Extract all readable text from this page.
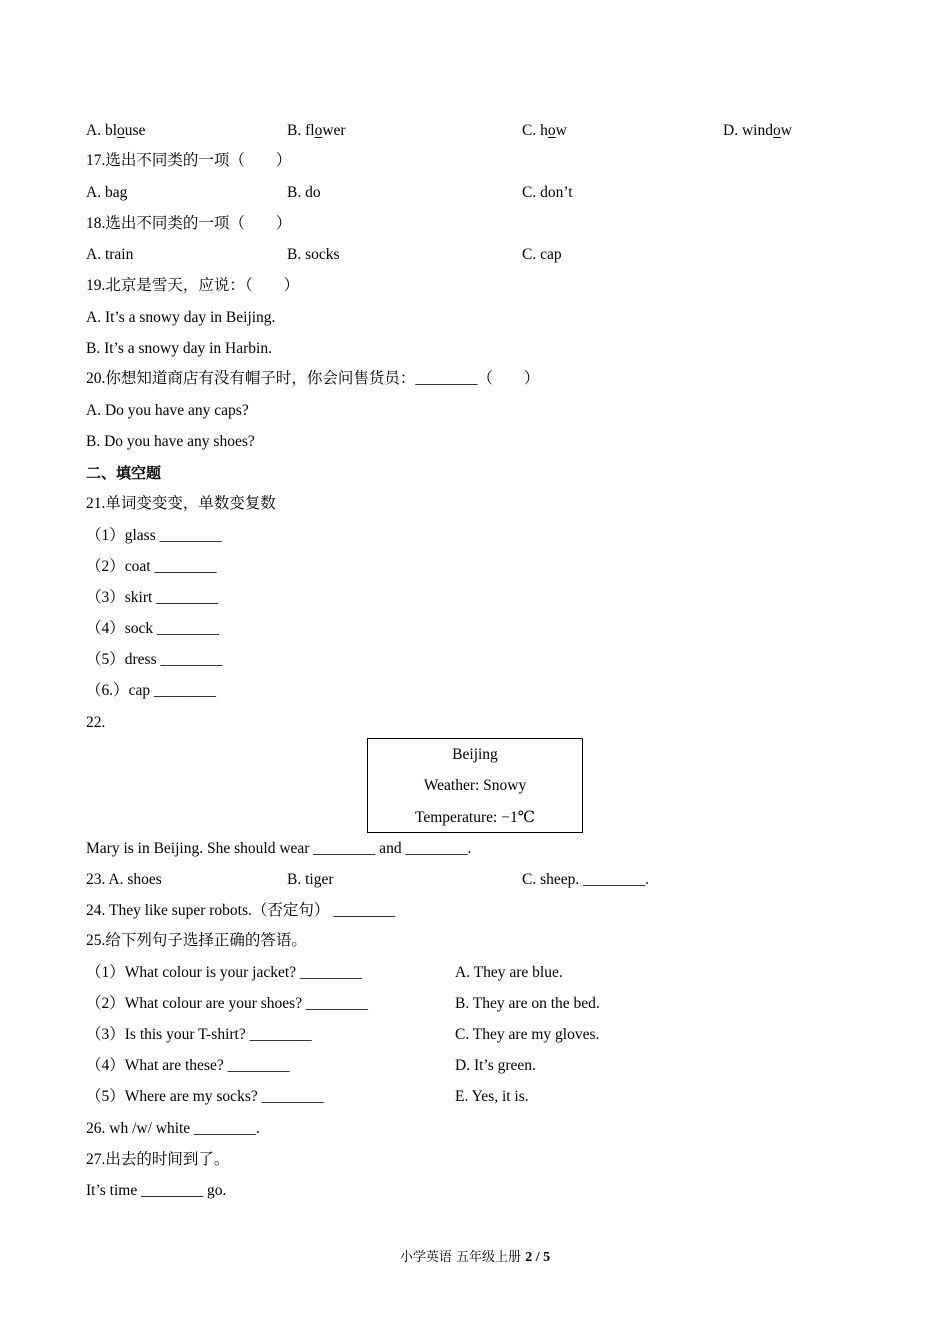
A. blouse	B. flower	C. how	D. window
17.选出不同类的一项（　　）
A. bag	B. do	C. don’t
18.选出不同类的一项（　　）
A. train	B. socks	C. cap
19.北京是雪天，应说：（　　）
A. It’s a snowy day in Beijing.
B. It’s a snowy day in Harbin.
20.你想知道商店有没有帽子时，你会问售货员：________（　　）
A. Do you have any caps?
B. Do you have any shoes?
二、填空题
21.单词变变变，单数变复数
（1）glass ________
（2）coat ________
（3）skirt ________
（4）sock ________
（5）dress ________
（6.）cap ________
22.
Beijing
Weather: Snowy
Temperature: −1℃
Mary is in Beijing. She should wear ________ and ________.
23. A. shoes	B. tiger	C. sheep. ________.
24. They like super robots.（否定句） ________
25.给下列句子选择正确的答语。
（1）What colour is your jacket? ________	A. They are blue.
（2）What colour are your shoes? ________	B. They are on the bed.
（3）Is this your T-shirt? ________	C. They are my gloves.
（4）What are these? ________	D. It’s green.
（5）Where are my socks? ________	E. Yes, it is.
26. wh /w/ white ________.
27.出去的时间到了。
It’s time ________ go.
小学英语 五年级上册 2 / 5
